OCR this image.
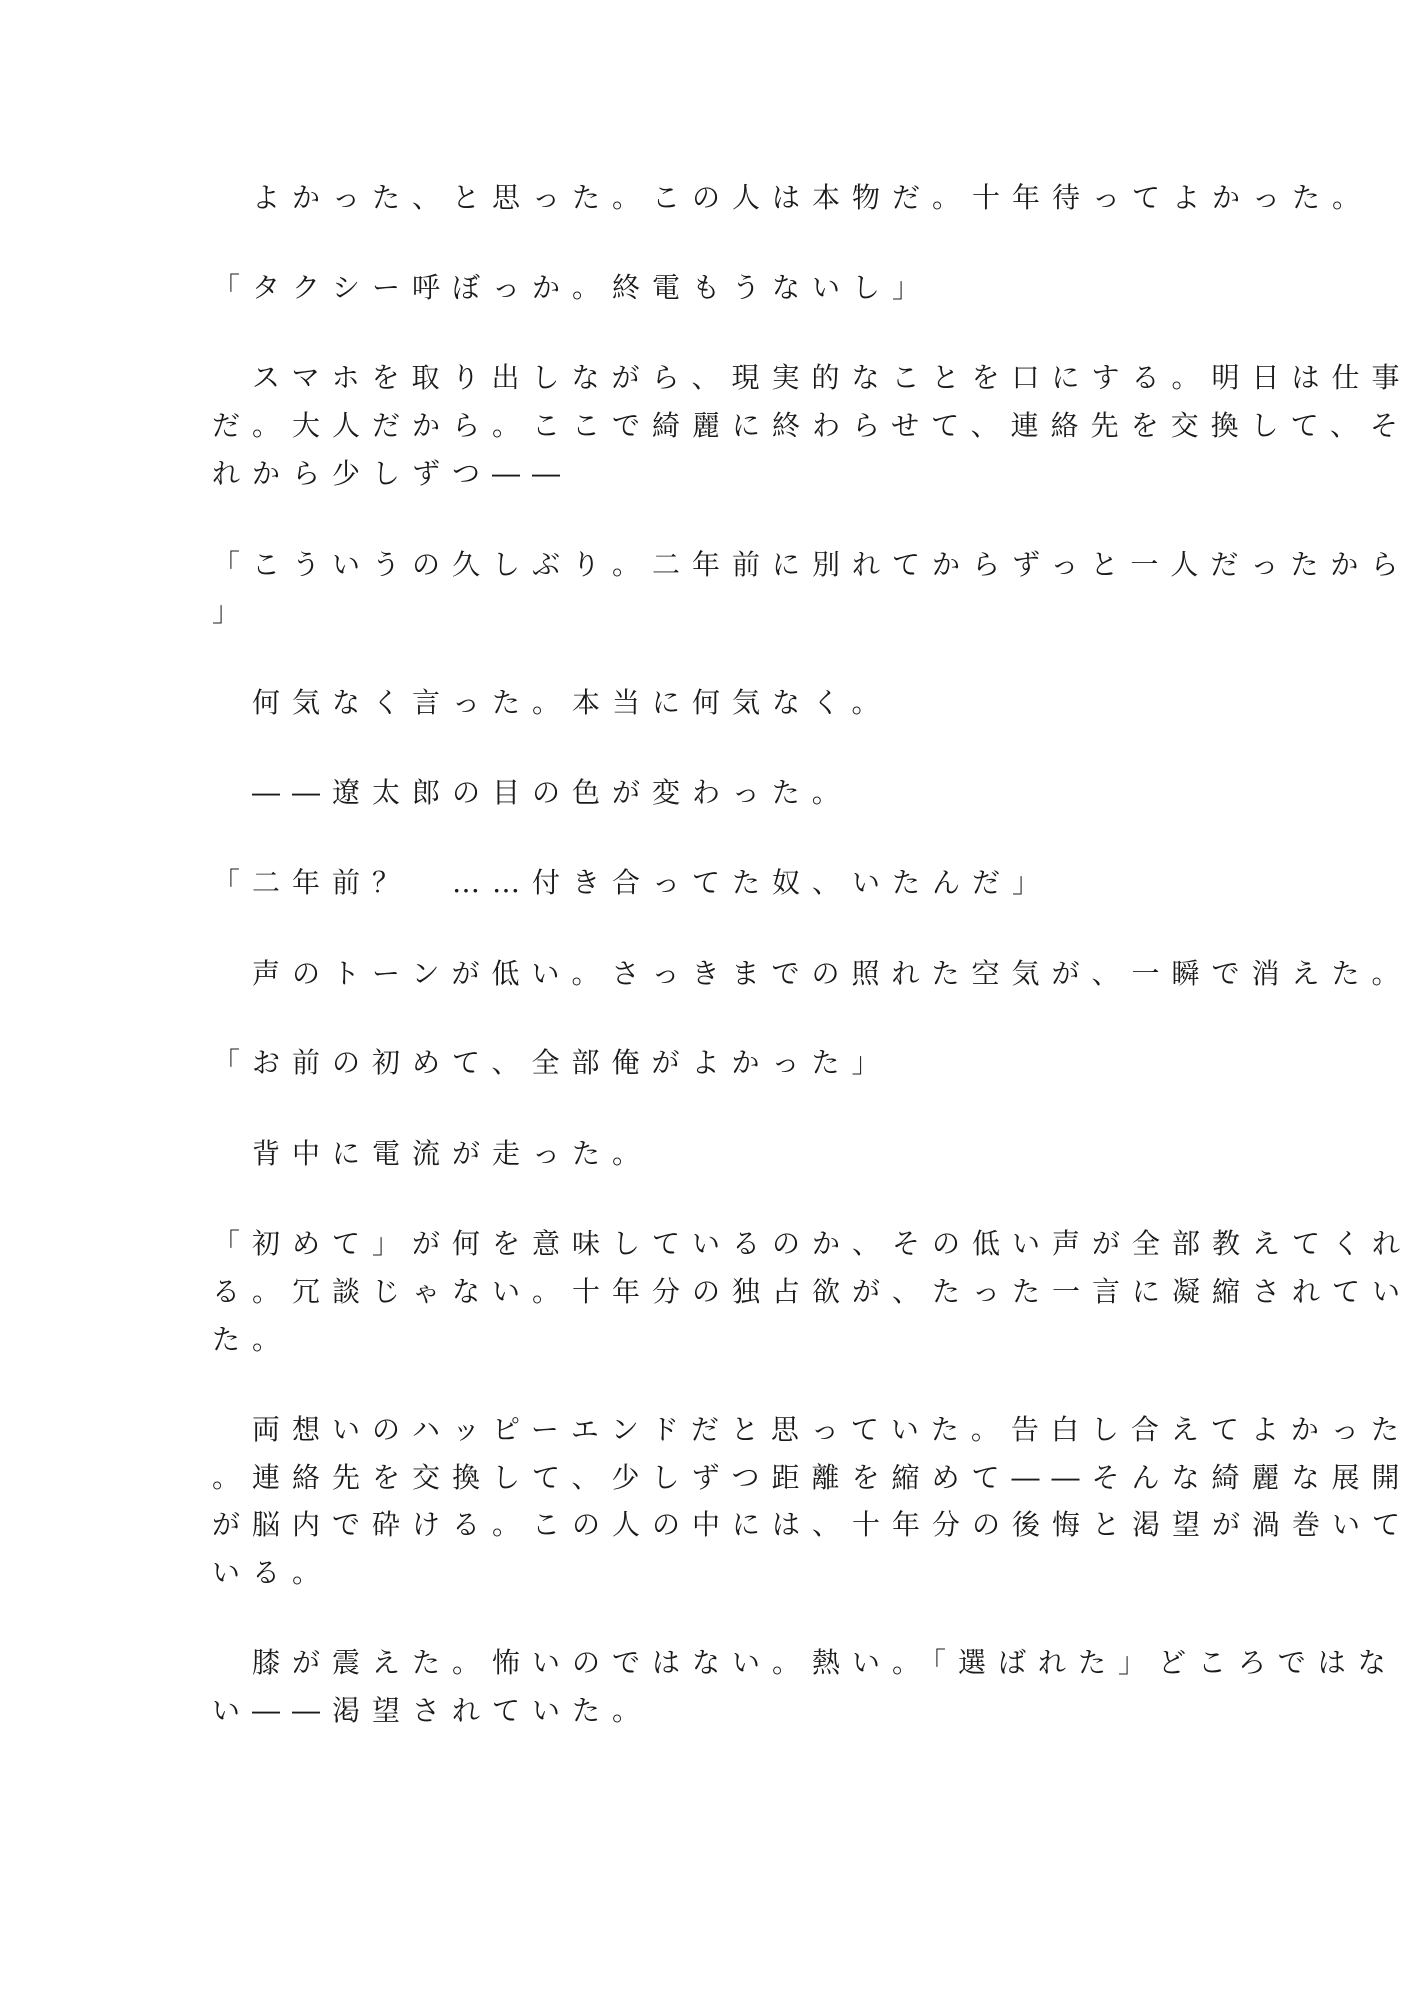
　よかった、と思った。この人は本物だ。十年待ってよかった。
「タクシー呼ぼっか。終電もうないし」
　スマホを取り出しながら、現実的なことを口にする。明日は仕事
だ。大人だから。ここで綺麗に終わらせて、連絡先を交換して、そ
れから少しずつ――
「こういうの久しぶり。二年前に別れてからずっと一人だったから
」
　何気なく言った。本当に何気なく。
　――遼太郎の目の色が変わった。
「二年前？　……付き合ってた奴、いたんだ」
　声のトーンが低い。さっきまでの照れた空気が、一瞬で消えた。
「お前の初めて、全部俺がよかった」
　背中に電流が走った。
「初めて」が何を意味しているのか、その低い声が全部教えてくれ
る。冗談じゃない。十年分の独占欲が、たった一言に凝縮されてい
た。
　両想いのハッピーエンドだと思っていた。告白し合えてよかった
。連絡先を交換して、少しずつ距離を縮めて――そんな綺麗な展開
が脳内で砕ける。この人の中には、十年分の後悔と渇望が渦巻いて
いる。
　膝が震えた。怖いのではない。熱い。「選ばれた」どころではな
い――渇望されていた。
